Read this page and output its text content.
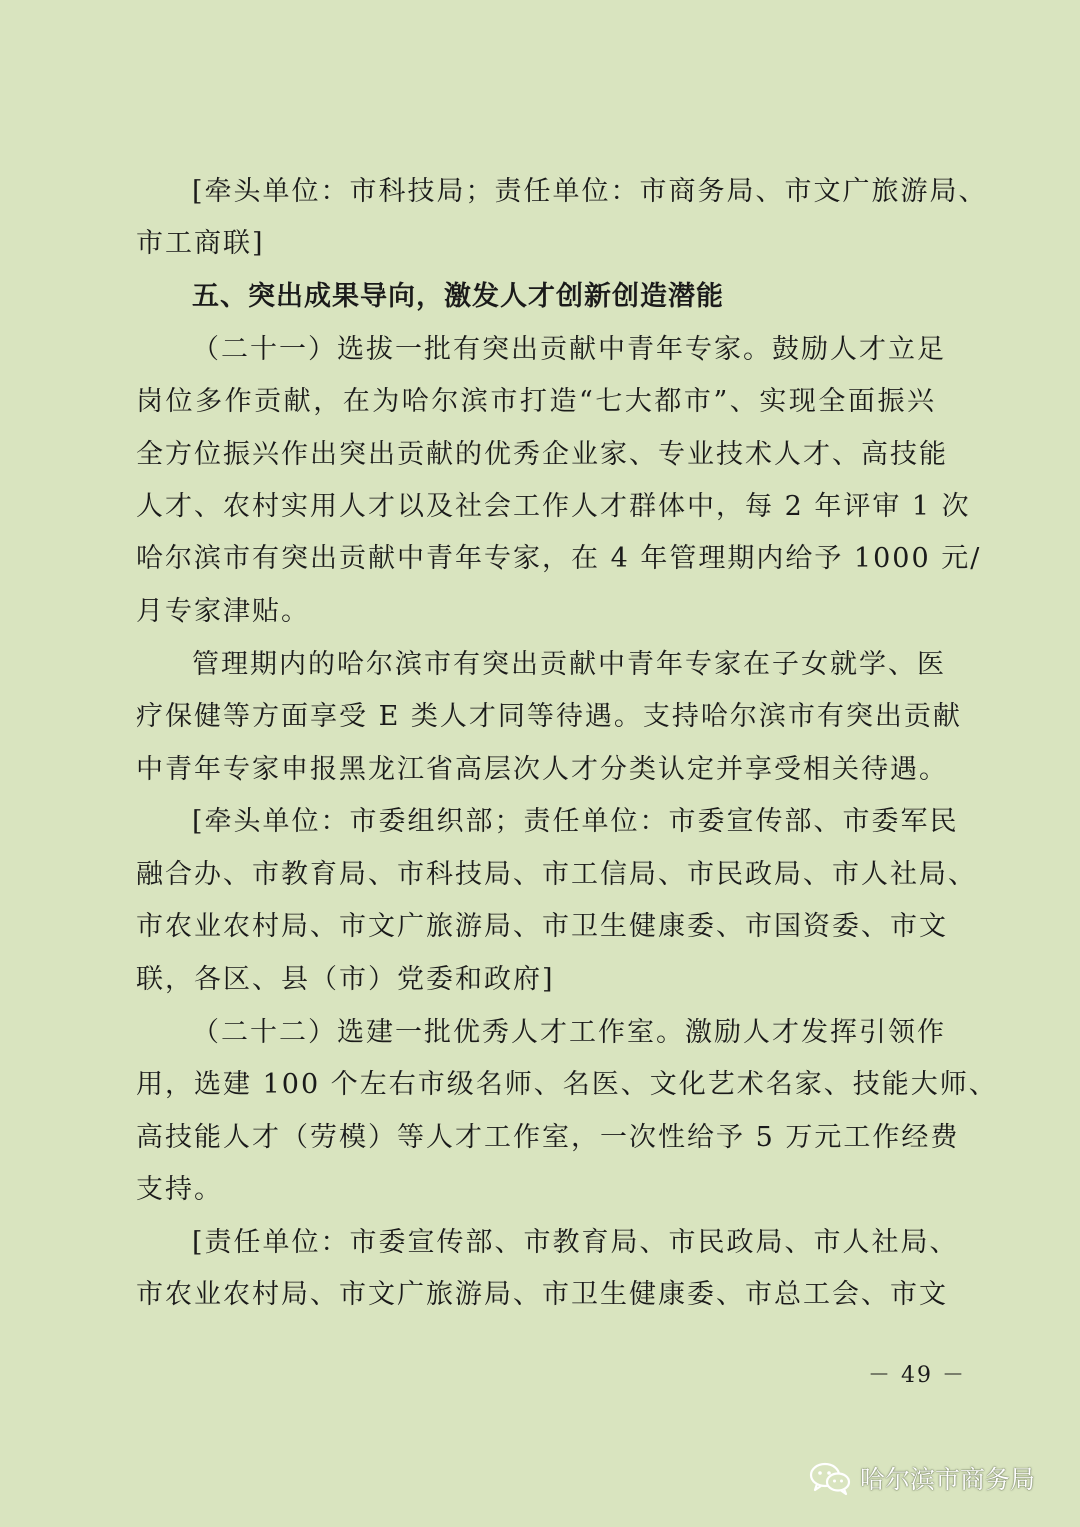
[牵头单位：市科技局；责任单位：市商务局、市文广旅游局、
市工商联]
五、突出成果导向，激发人才创新创造潜能
（二十一）选拔一批有突出贡献中青年专家。鼓励人才立足
岗位多作贡献，在为哈尔滨市打造“七大都市”、实现全面振兴
全方位振兴作出突出贡献的优秀企业家、专业技术人才、高技能
人才、农村实用人才以及社会工作人才群体中，每 2 年评审 1 次
哈尔滨市有突出贡献中青年专家，在 4 年管理期内给予 1000 元/
月专家津贴。
管理期内的哈尔滨市有突出贡献中青年专家在子女就学、医
疗保健等方面享受 E 类人才同等待遇。支持哈尔滨市有突出贡献
中青年专家申报黑龙江省高层次人才分类认定并享受相关待遇。
[牵头单位：市委组织部；责任单位：市委宣传部、市委军民
融合办、市教育局、市科技局、市工信局、市民政局、市人社局、
市农业农村局、市文广旅游局、市卫生健康委、市国资委、市文
联，各区、县（市）党委和政府]
（二十二）选建一批优秀人才工作室。激励人才发挥引领作
用，选建 100 个左右市级名师、名医、文化艺术名家、技能大师、
高技能人才（劳模）等人才工作室，一次性给予 5 万元工作经费
支持。
[责任单位：市委宣传部、市教育局、市民政局、市人社局、
市农业农村局、市文广旅游局、市卫生健康委、市总工会、市文
－ 49 －
哈尔滨市商务局
